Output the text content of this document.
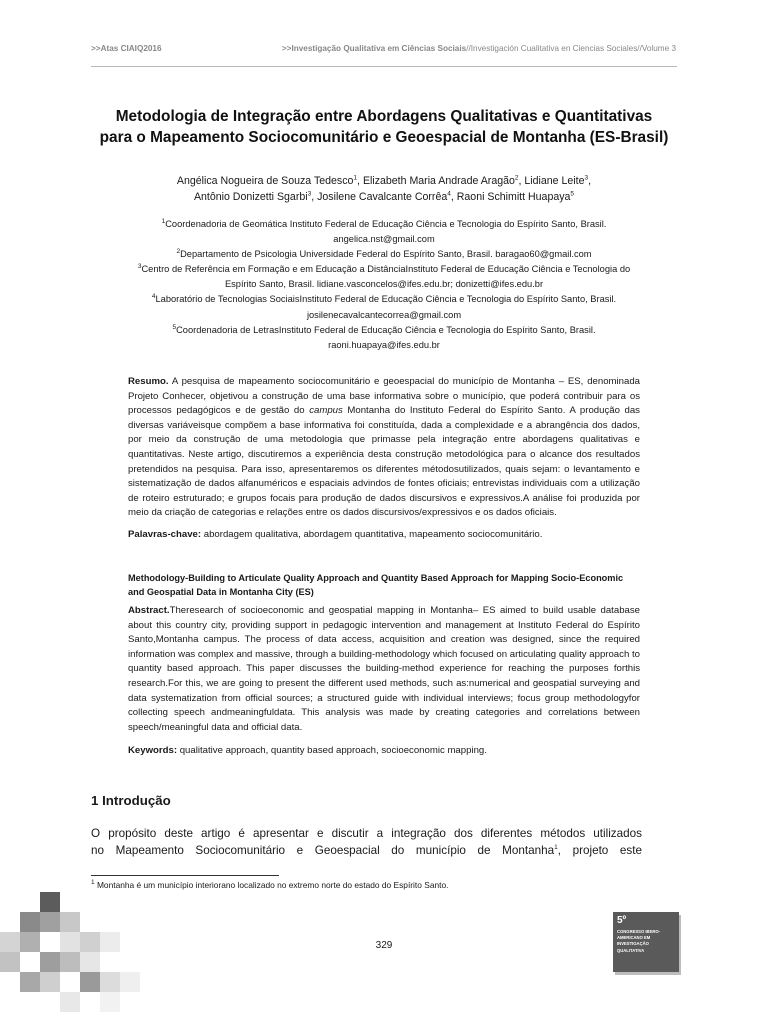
>>Atas CIAIQ2016	>>Investigação Qualitativa em Ciências Sociais//Investigación Cualitativa en Ciencias Sociales//Volume 3
Metodologia de Integração entre Abordagens Qualitativas e Quantitativas
para o Mapeamento Sociocomunitário e Geoespacial de Montanha (ES-Brasil)
Angélica Nogueira de Souza Tedesco$^1$, Elizabeth Maria Andrade Aragão$^2$, Lidiane Leite$^3$,
Antônio Donizetti Sgarbi$^3$, Josilene Cavalcante Corrêa$^4$, Raoni Schimitt Huapaya$^5$
$^1$Coordenadoria de Geomática Instituto Federal de Educação Ciência e Tecnologia do Espírito Santo, Brasil.
angelica.nst@gmail.com
$^2$Departamento de Psicologia Universidade Federal do Espírito Santo, Brasil. baragao60@gmail.com
$^3$Centro de Referência em Formação e em Educação a DistânciaInstituto Federal de Educação Ciência e Tecnologia do
Espírito Santo, Brasil. lidiane.vasconcelos@ifes.edu.br; donizetti@ifes.edu.br
$^4$Laboratório de Tecnologias SociaisInstituto Federal de Educação Ciência e Tecnologia do Espírito Santo, Brasil.
josilenecavalcantecorrea@gmail.com
$^5$Coordenadoria de LetrasInstituto Federal de Educação Ciência e Tecnologia do Espírito Santo, Brasil.
raoni.huapaya@ifes.edu.br
Resumo. A pesquisa de mapeamento sociocomunitário e geoespacial do município de Montanha – ES, denominada Projeto Conhecer, objetivou a construção de uma base informativa sobre o município, que poderá contribuir para os processos pedagógicos e de gestão do campus Montanha do Instituto Federal do Espírito Santo. A produção das diversas variáveisque compõem a base informativa foi constituída, dada a complexidade e a abrangência dos dados, por meio da construção de uma metodologia que primasse pela integração entre abordagens qualitativas e quantitativas. Neste artigo, discutiremos a experiência desta construção metodológica para o alcance dos resultados pretendidos na pesquisa. Para isso, apresentaremos os diferentes métodosutilizados, quais sejam: o levantamento e sistematização de dados alfanuméricos e espaciais advindos de fontes oficiais; entrevistas individuais com a utilização de roteiro estruturado; e grupos focais para produção de dados discursivos e expressivos.A análise foi produzida por meio da criação de categorias e relações entre os dados discursivos/expressivos e os dados oficiais.
Palavras-chave: abordagem qualitativa, abordagem quantitativa, mapeamento sociocomunitário.
Methodology-Building to Articulate Quality Approach and Quantity Based Approach for Mapping Socio-Economic and Geospatial Data in Montanha City (ES)
Abstract.Theresearch of socioeconomic and geospatial mapping in Montanha– ES aimed to build usable database about this country city, providing support in pedagogic intervention and management at Instituto Federal do Espírito Santo,Montanha campus. The process of data access, acquisition and creation was designed, since the required information was complex and massive, through a building-methodology which focused on articulating quality approach to quantity based approach. This paper discusses the building-method experience for reaching the purposes forthis research.For this, we are going to present the different used methods, such as:numerical and geospatial surveying and data systematization from official sources; a structured guide with individual interviews; focus group methodologyfor collecting speech andmeaningfuldata. This analysis was made by creating categories and correlations between speech/meaningful data and official data.
Keywords: qualitative approach, quantity based approach, socioeconomic mapping.
1 Introdução
O propósito deste artigo é apresentar e discutir a integração dos diferentes métodos utilizados
no Mapeamento Sociocomunitário e Geoespacial do município de Montanha$^1$, projeto este
$^1$ Montanha é um município interiorano localizado no extremo norte do estado do Espírito Santo.
329
5º
CONGRESSO IBERO-AMERICANO EM INVESTIGAÇÃO QUALITATIVA
